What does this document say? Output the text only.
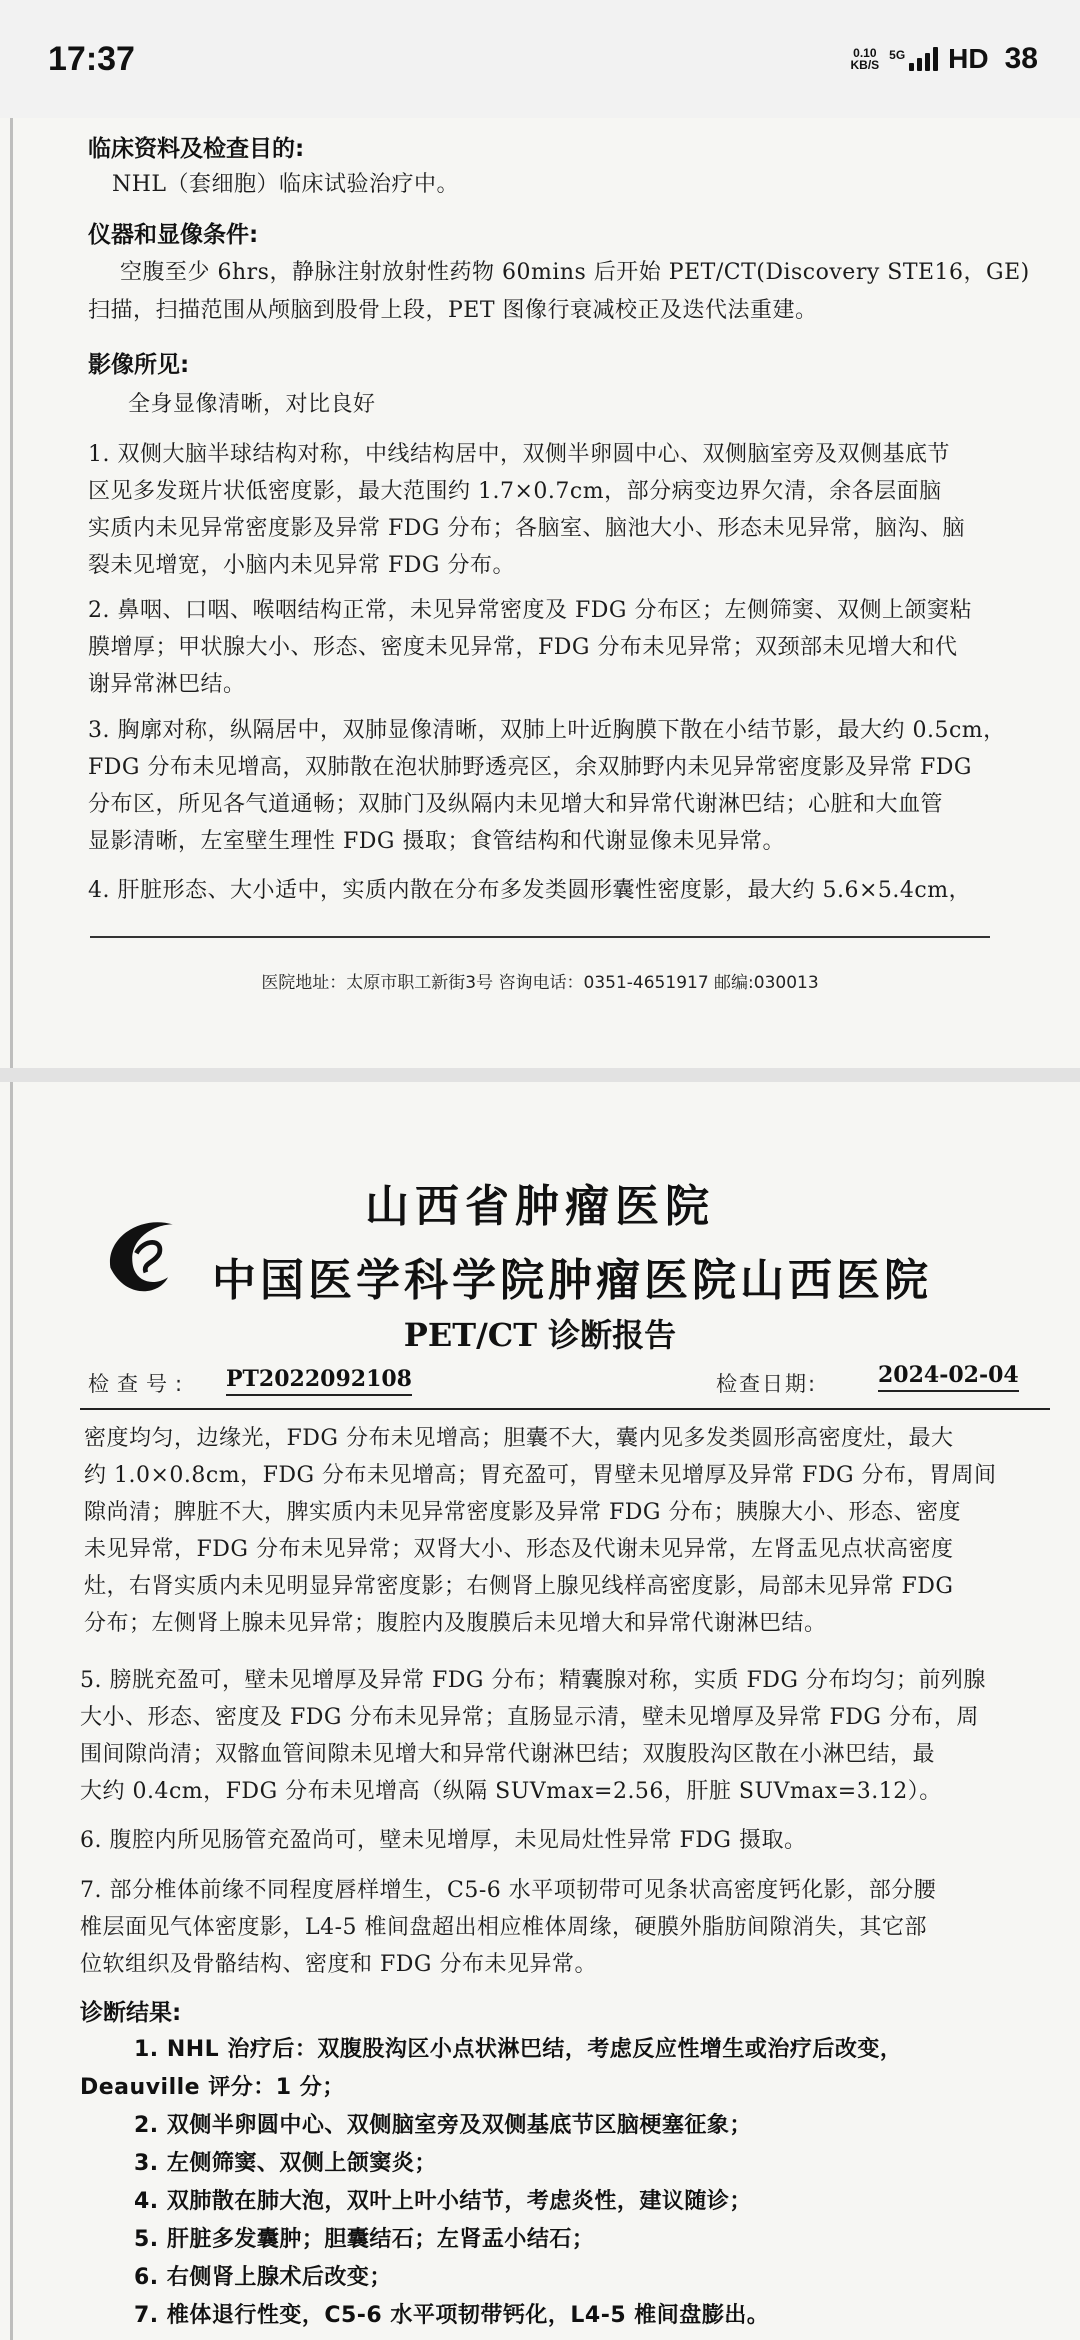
17:37	0.10
KB/S
5G HD 38
临床资料及检查目的:
NHL（套细胞）临床试验治疗中。
仪器和显像条件:
空腹至少 6hrs，静脉注射放射性药物 60mins 后开始 PET/CT(Discovery STE16，GE)
扫描，扫描范围从颅脑到股骨上段，PET 图像行衰减校正及迭代法重建。
影像所见:
全身显像清晰，对比良好
1. 双侧大脑半球结构对称，中线结构居中，双侧半卵圆中心、双侧脑室旁及双侧基底节
区见多发斑片状低密度影，最大范围约 1.7×0.7cm，部分病变边界欠清，余各层面脑
实质内未见异常密度影及异常 FDG 分布；各脑室、脑池大小、形态未见异常，脑沟、脑
裂未见增宽，小脑内未见异常 FDG 分布。
2. 鼻咽、口咽、喉咽结构正常，未见异常密度及 FDG 分布区；左侧筛窦、双侧上颌窦粘
膜增厚；甲状腺大小、形态、密度未见异常，FDG 分布未见异常；双颈部未见增大和代
谢异常淋巴结。
3. 胸廓对称，纵隔居中，双肺显像清晰，双肺上叶近胸膜下散在小结节影，最大约 0.5cm，
FDG 分布未见增高，双肺散在泡状肺野透亮区，余双肺野内未见异常密度影及异常 FDG
分布区，所见各气道通畅；双肺门及纵隔内未见增大和异常代谢淋巴结；心脏和大血管
显影清晰，左室壁生理性 FDG 摄取；食管结构和代谢显像未见异常。
4. 肝脏形态、大小适中，实质内散在分布多发类圆形囊性密度影，最大约 5.6×5.4cm，
医院地址：太原市职工新街3号 咨询电话：0351-4651917 邮编:030013
山西省肿瘤医院
中国医学科学院肿瘤医院山西医院
PET/CT 诊断报告
检查号: PT2022092108	检查日期:	2024-02-04
密度均匀，边缘光，FDG 分布未见增高；胆囊不大，囊内见多发类圆形高密度灶，最大
约 1.0×0.8cm，FDG 分布未见增高；胃充盈可，胃壁未见增厚及异常 FDG 分布，胃周间
隙尚清；脾脏不大，脾实质内未见异常密度影及异常 FDG 分布；胰腺大小、形态、密度
未见异常，FDG 分布未见异常；双肾大小、形态及代谢未见异常，左肾盂见点状高密度
灶，右肾实质内未见明显异常密度影；右侧肾上腺见线样高密度影，局部未见异常 FDG
分布；左侧肾上腺未见异常；腹腔内及腹膜后未见增大和异常代谢淋巴结。
5. 膀胱充盈可，壁未见增厚及异常 FDG 分布；精囊腺对称，实质 FDG 分布均匀；前列腺
大小、形态、密度及 FDG 分布未见异常；直肠显示清，壁未见增厚及异常 FDG 分布，周
围间隙尚清；双髂血管间隙未见增大和异常代谢淋巴结；双腹股沟区散在小淋巴结，最
大约 0.4cm，FDG 分布未见增高（纵隔 SUVmax=2.56，肝脏 SUVmax=3.12）。
6. 腹腔内所见肠管充盈尚可，壁未见增厚，未见局灶性异常 FDG 摄取。
7. 部分椎体前缘不同程度唇样增生，C5-6 水平项韧带可见条状高密度钙化影，部分腰
椎层面见气体密度影，L4-5 椎间盘超出相应椎体周缘，硬膜外脂肪间隙消失，其它部
位软组织及骨骼结构、密度和 FDG 分布未见异常。
诊断结果:
1. NHL 治疗后：双腹股沟区小点状淋巴结，考虑反应性增生或治疗后改变，
Deauville 评分：1 分；
2. 双侧半卵圆中心、双侧脑室旁及双侧基底节区脑梗塞征象；
3. 左侧筛窦、双侧上颌窦炎；
4. 双肺散在肺大泡，双叶上叶小结节，考虑炎性，建议随诊；
5. 肝脏多发囊肿；胆囊结石；左肾盂小结石；
6. 右侧肾上腺术后改变；
7. 椎体退行性变，C5-6 水平项韧带钙化，L4-5 椎间盘膨出。
